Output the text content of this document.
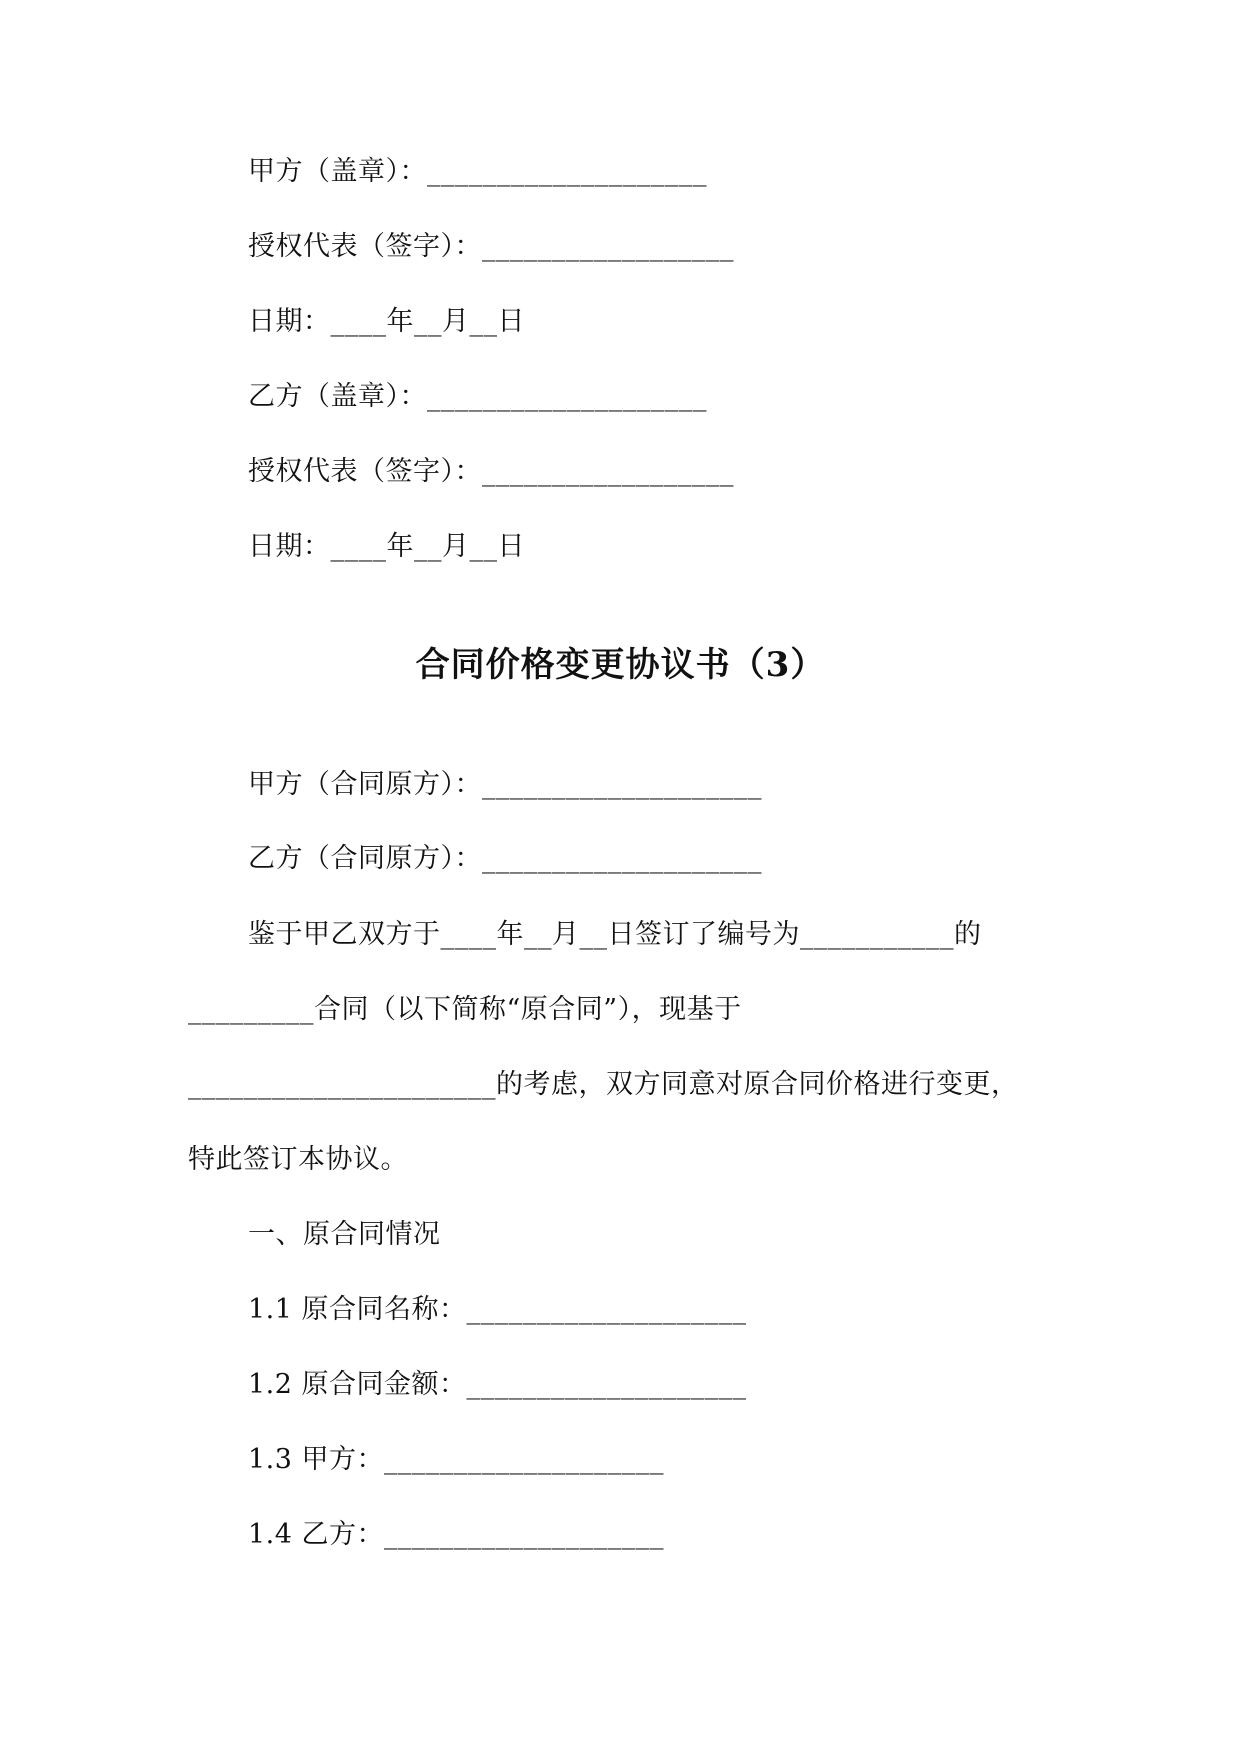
甲方（盖章）：____________________
授权代表（签字）：__________________
日期：____年__月__日
乙方（盖章）：____________________
授权代表（签字）：__________________
日期：____年__月__日
合同价格变更协议书（3）
甲方（合同原方）：____________________
乙方（合同原方）：____________________
鉴于甲乙双方于____年__月__日签订了编号为___________的
_________合同（以下简称“原合同”），现基于
______________________的考虑，双方同意对原合同价格进行变更，
特此签订本协议。
一、原合同情况
1.1 原合同名称：____________________
1.2 原合同金额：____________________
1.3 甲方：____________________
1.4 乙方：____________________
